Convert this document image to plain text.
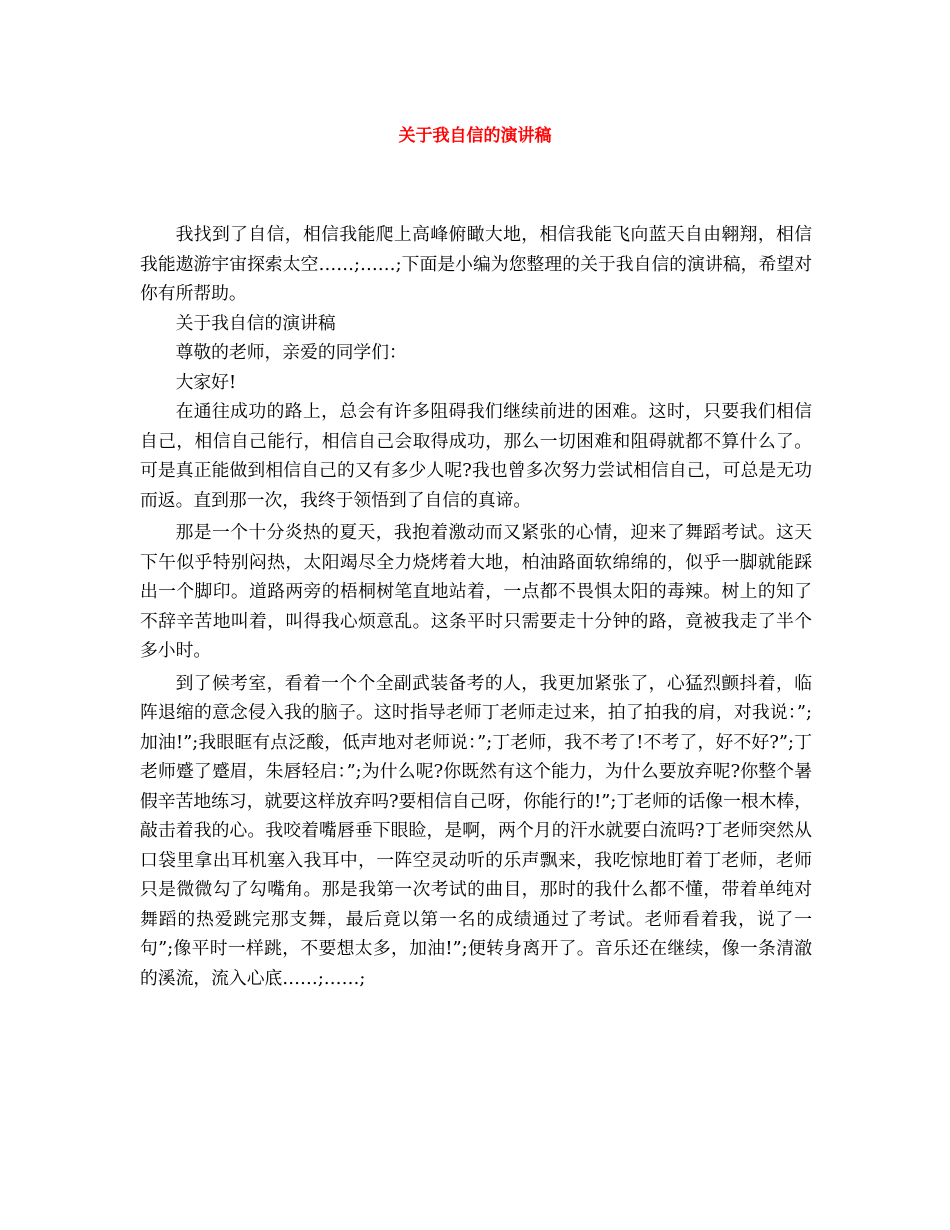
关于我自信的演讲稿

我找到了自信，相信我能爬上高峰俯瞰大地，相信我能飞向蓝天自由翱翔，相信我能遨游宇宙探索太空……;……;下面是小编为您整理的关于我自信的演讲稿，希望对你有所帮助。

关于我自信的演讲稿

尊敬的老师，亲爱的同学们：

大家好!

在通往成功的路上，总会有许多阻碍我们继续前进的困难。这时，只要我们相信自己，相信自己能行，相信自己会取得成功，那么一切困难和阻碍就都不算什么了。可是真正能做到相信自己的又有多少人呢?我也曾多次努力尝试相信自己，可总是无功而返。直到那一次，我终于领悟到了自信的真谛。

那是一个十分炎热的夏天，我抱着激动而又紧张的心情，迎来了舞蹈考试。这天下午似乎特别闷热，太阳竭尽全力烧烤着大地，柏油路面软绵绵的，似乎一脚就能踩出一个脚印。道路两旁的梧桐树笔直地站着，一点都不畏惧太阳的毒辣。树上的知了不辞辛苦地叫着，叫得我心烦意乱。这条平时只需要走十分钟的路，竟被我走了半个多小时。

到了候考室，看着一个个全副武装备考的人，我更加紧张了，心猛烈颤抖着，临阵退缩的意念侵入我的脑子。这时指导老师丁老师走过来，拍了拍我的肩，对我说：”;加油!”;我眼眶有点泛酸，低声地对老师说：”;丁老师，我不考了!不考了，好不好?”;丁老师蹙了蹙眉，朱唇轻启：”;为什么呢?你既然有这个能力，为什么要放弃呢?你整个暑假辛苦地练习，就要这样放弃吗?要相信自己呀，你能行的!”;丁老师的话像一根木棒，敲击着我的心。我咬着嘴唇垂下眼睑，是啊，两个月的汗水就要白流吗?丁老师突然从口袋里拿出耳机塞入我耳中，一阵空灵动听的乐声飘来，我吃惊地盯着丁老师，老师只是微微勾了勾嘴角。那是我第一次考试的曲目，那时的我什么都不懂，带着单纯对舞蹈的热爱跳完那支舞，最后竟以第一名的成绩通过了考试。老师看着我，说了一句”;像平时一样跳，不要想太多，加油!”;便转身离开了。音乐还在继续，像一条清澈的溪流，流入心底……;……;
